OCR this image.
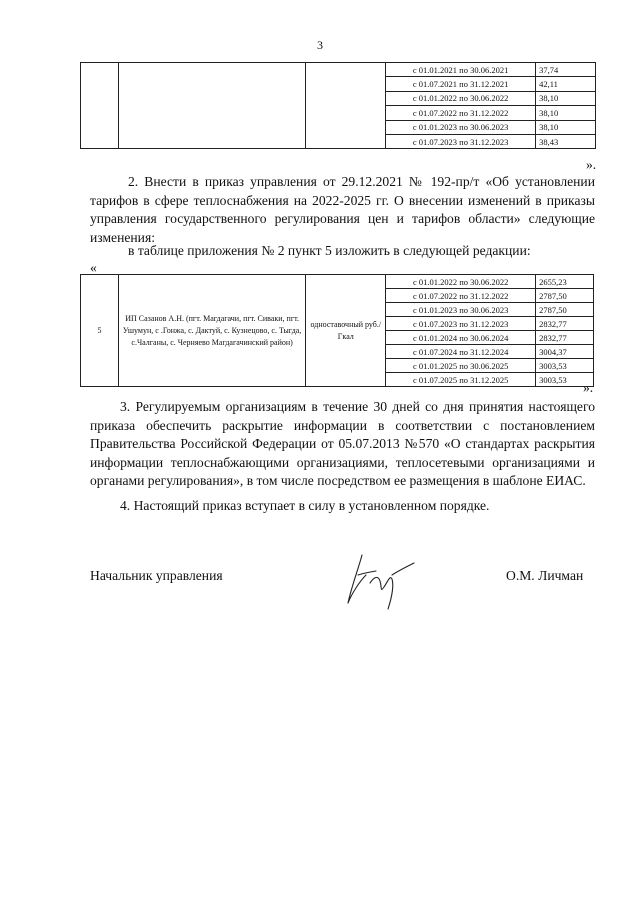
3
			с 01.01.2021 по 30.06.2021	37,74
			с 01.07.2021 по 31.12.2021	42,11
			с 01.01.2022 по 30.06.2022	38,10
			с 01.07.2022 по 31.12.2022	38,10
			с 01.01.2023 по 30.06.2023	38,10
			с 01.07.2023 по 31.12.2023	38,43
».

2. Внести в приказ управления от 29.12.2021 № 192-пр/т «Об установлении тарифов в сфере теплоснабжения на 2022-2025 гг. О внесении изменений в приказы управления государственного регулирования цен и тарифов области» следующие изменения:

в таблице приложения № 2 пункт 5 изложить в следующей редакции:
«
5	ИП Сазанов А.Н. (пгт. Магдагачи, пгт. Сиваки, пгт. Ушумун, с .Гонжа, с. Дактуй, с. Кузнецово, с. Тыгда, с.Чалганы, с. Черняево Магдагачинский район)	одноставочный руб./Гкал	с 01.01.2022 по 30.06.2022	2655,23
			с 01.07.2022 по 31.12.2022	2787,50
			с 01.01.2023 по 30.06.2023	2787,50
			с 01.07.2023 по 31.12.2023	2832,77
			с 01.01.2024 по 30.06.2024	2832,77
			с 01.07.2024 по 31.12.2024	3004,37
			с 01.01.2025 по 30.06.2025	3003,53
			с 01.07.2025 по 31.12.2025	3003,53
».

3. Регулируемым организациям в течение 30 дней со дня принятия настоящего приказа обеспечить раскрытие информации в соответствии с постановлением Правительства Российской Федерации от 05.07.2013 №570 «О стандартах раскрытия информации теплоснабжающими организациями, теплосетевыми организациями и органами регулирования», в том числе посредством ее размещения в шаблоне ЕИАС.

4. Настоящий приказ вступает в силу в установленном порядке.
Начальник управления	О.М. Личман
